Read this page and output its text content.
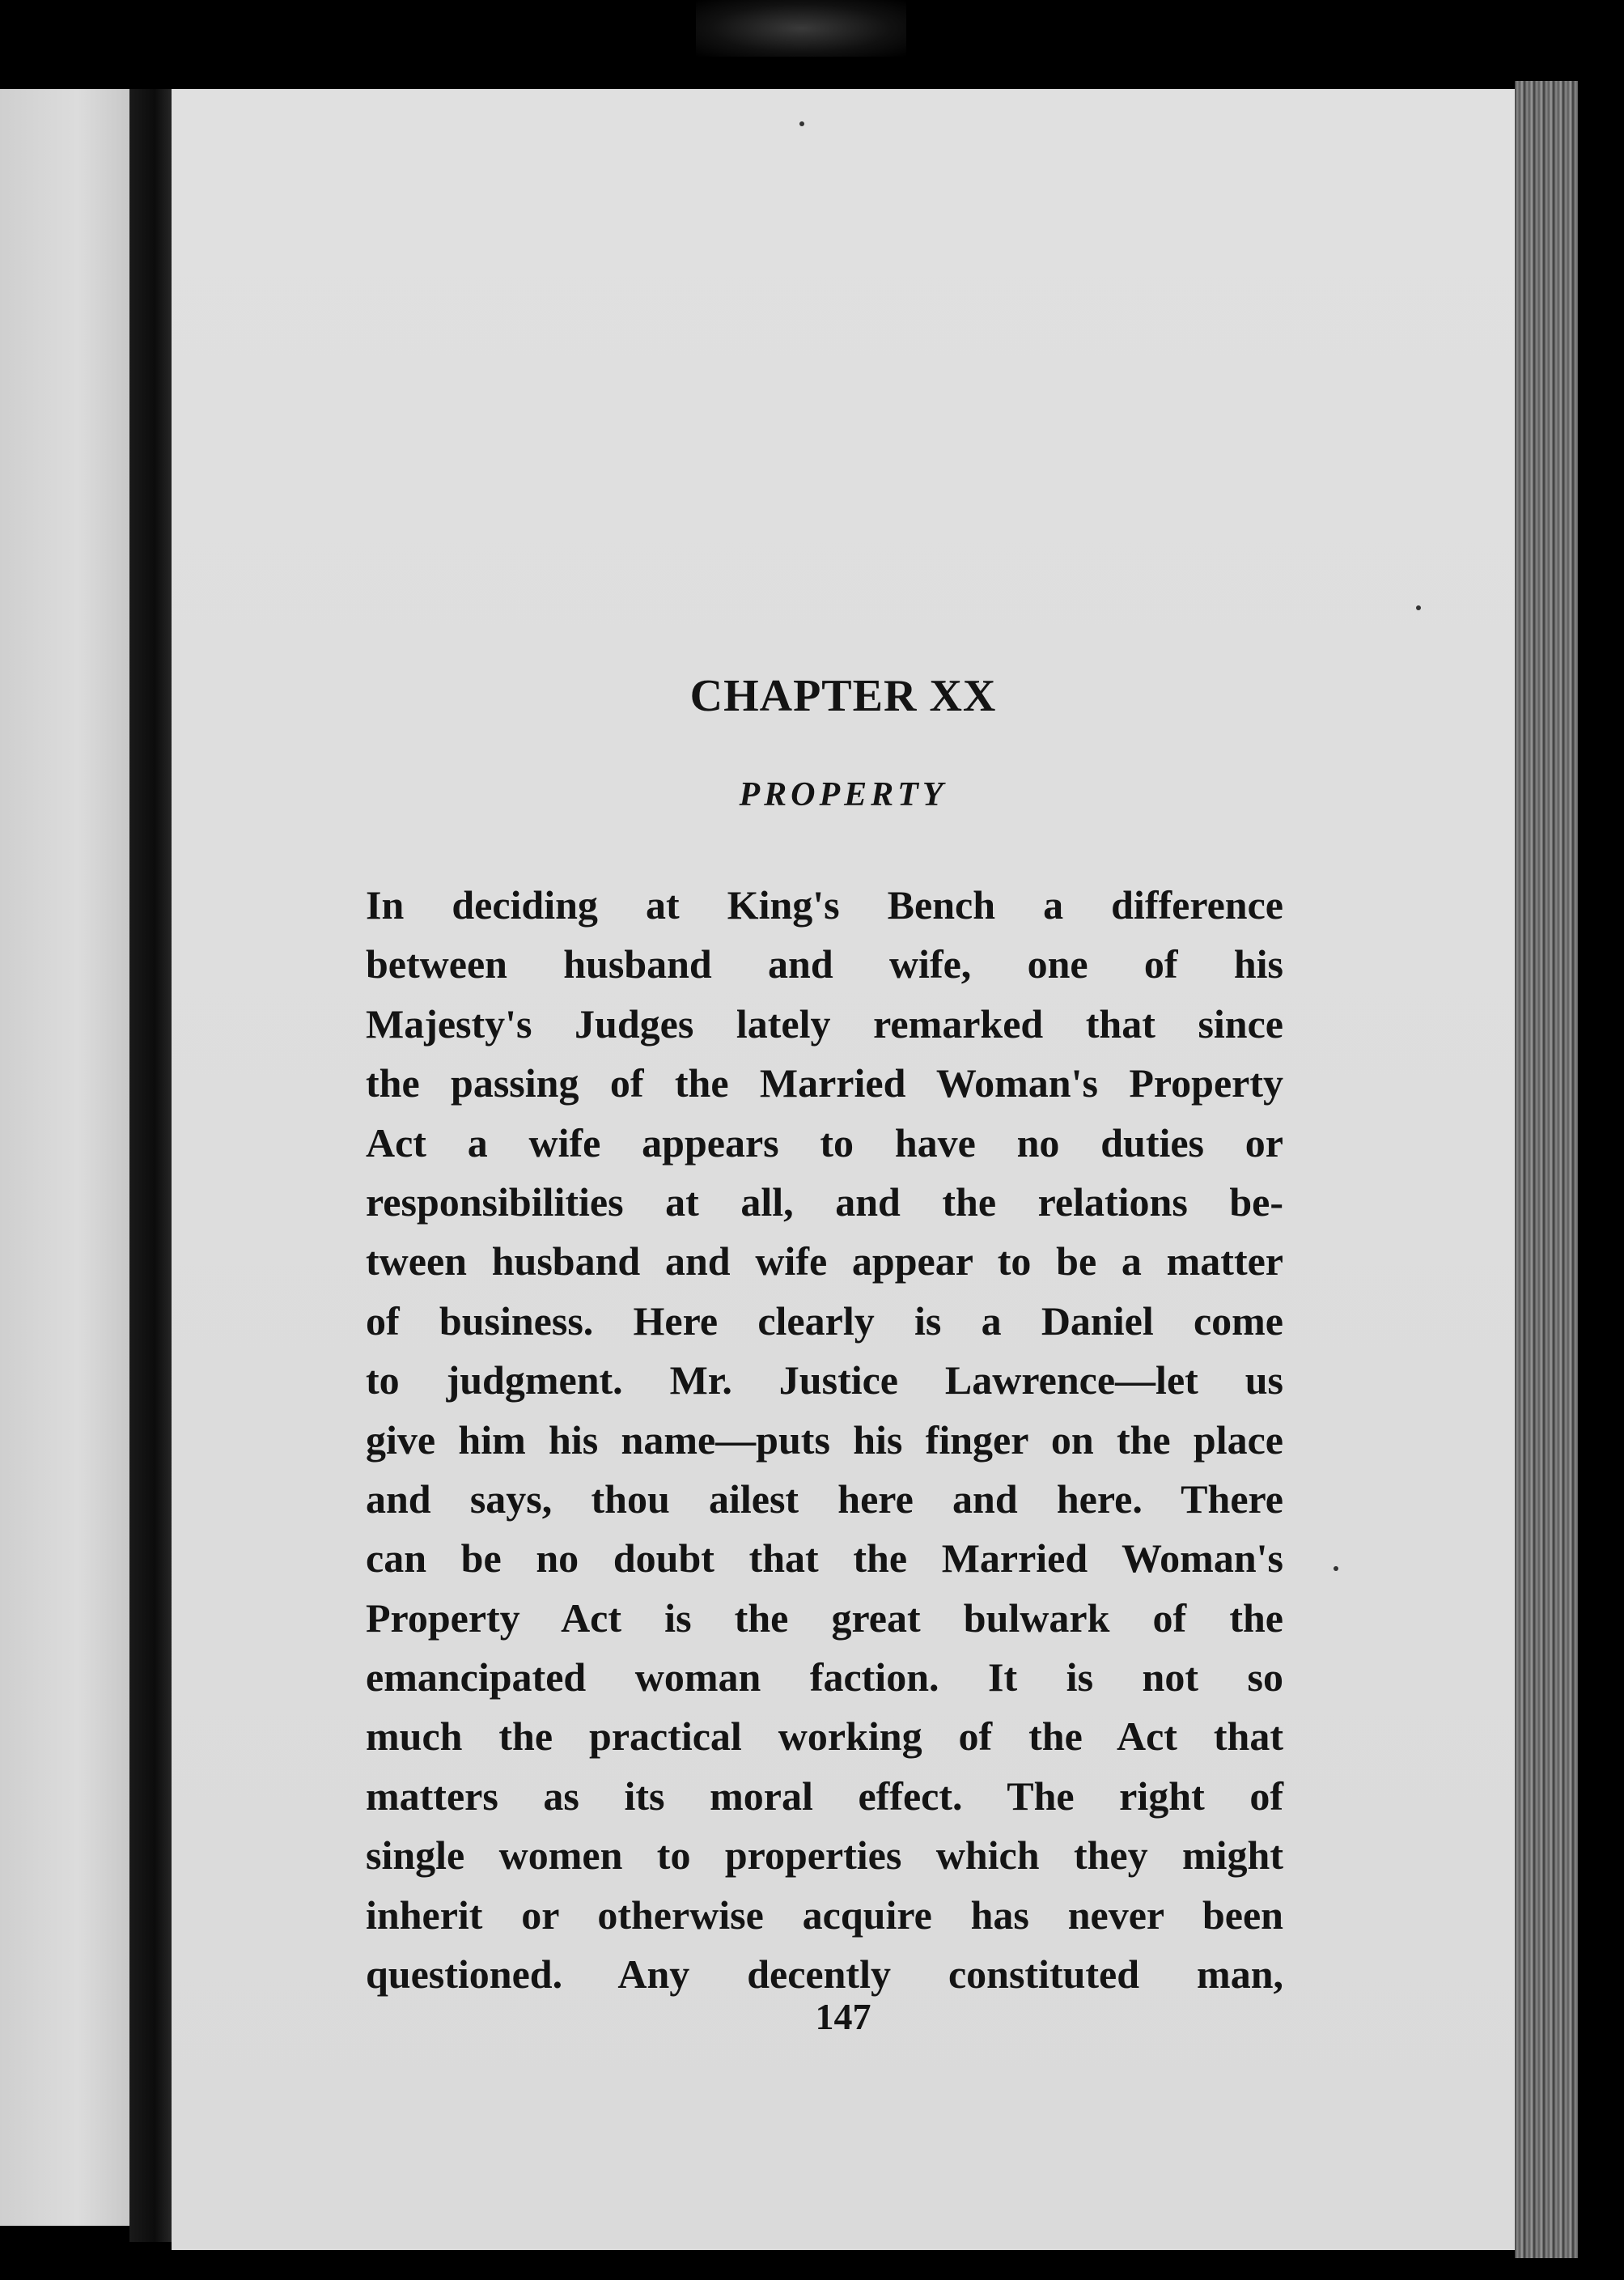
CHAPTER XX
PROPERTY
In deciding at King's Bench a difference
between husband and wife, one of his
Majesty's Judges lately remarked that since
the passing of the Married Woman's Property
Act a wife appears to have no duties or
responsibilities at all, and the relations be-
tween husband and wife appear to be a matter
of business. Here clearly is a Daniel come
to judgment. Mr. Justice Lawrence—let us
give him his name—puts his finger on the place
and says, thou ailest here and here. There
can be no doubt that the Married Woman's
Property Act is the great bulwark of the
emancipated woman faction. It is not so
much the practical working of the Act that
matters as its moral effect. The right of
single women to properties which they might
inherit or otherwise acquire has never been
questioned. Any decently constituted man,
147
